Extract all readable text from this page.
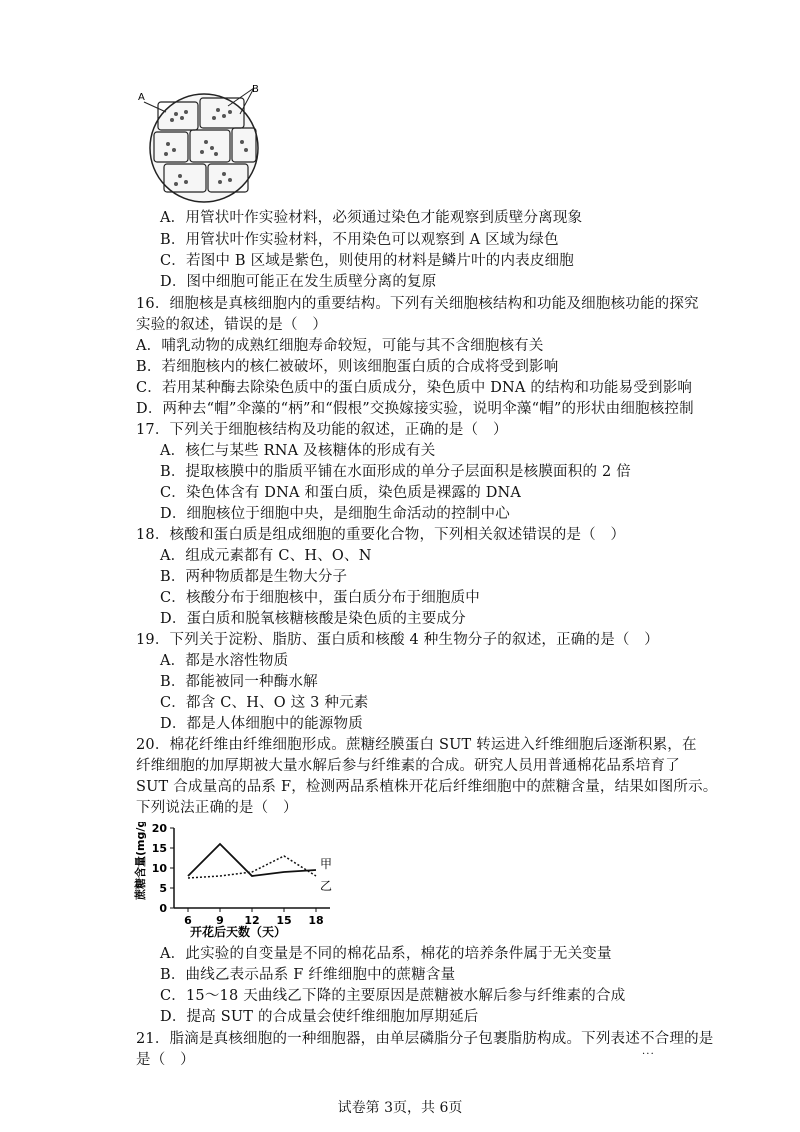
A
B
A．用管状叶作实验材料，必须通过染色才能观察到质壁分离现象
B．用管状叶作实验材料，不用染色可以观察到 A 区域为绿色
C．若图中 B 区域是紫色，则使用的材料是鳞片叶的内表皮细胞
D．图中细胞可能正在发生质壁分离的复原
16．细胞核是真核细胞内的重要结构。下列有关细胞核结构和功能及细胞核功能的探究
实验的叙述，错误的是（　）
A．哺乳动物的成熟红细胞寿命较短，可能与其不含细胞核有关
B．若细胞核内的核仁被破坏，则该细胞蛋白质的合成将受到影响
C．若用某种酶去除染色质中的蛋白质成分，染色质中 DNA 的结构和功能易受到影响
D．两种去“帽”伞藻的“柄”和“假根”交换嫁接实验，说明伞藻“帽”的形状由细胞核控制
17．下列关于细胞核结构及功能的叙述，正确的是（　）
A．核仁与某些 RNA 及核糖体的形成有关
B．提取核膜中的脂质平铺在水面形成的单分子层面积是核膜面积的 2 倍
C．染色体含有 DNA 和蛋白质，染色质是裸露的 DNA
D．细胞核位于细胞中央，是细胞生命活动的控制中心
18．核酸和蛋白质是组成细胞的重要化合物，下列相关叙述错误的是（　）
A．组成元素都有 C、H、O、N
B．两种物质都是生物大分子
C．核酸分布于细胞核中，蛋白质分布于细胞质中
D．蛋白质和脱氧核糖核酸是染色质的主要成分
19．下列关于淀粉、脂肪、蛋白质和核酸 4 种生物分子的叙述，正确的是（　）
A．都是水溶性物质
B．都能被同一种酶水解
C．都含 C、H、O 这 3 种元素
D．都是人体细胞中的能源物质
20．棉花纤维由纤维细胞形成。蔗糖经膜蛋白 SUT 转运进入纤维细胞后逐渐积累，在
纤维细胞的加厚期被大量水解后参与纤维素的合成。研究人员用普通棉花品系培育了
SUT 合成量高的品系 F，检测两品系植株开花后纤维细胞中的蔗糖含量，结果如图所示。
下列说法正确的是（　）
蔗糖含量(mg/g)
开花后天数（天）
0
5
10
15
20
6 9 12 15 18
甲
乙
A．此实验的自变量是不同的棉花品系，棉花的培养条件属于无关变量
B．曲线乙表示品系 F 纤维细胞中的蔗糖含量
C．15～18 天曲线乙下降的主要原因是蔗糖被水解后参与纤维素的合成
D．提高 SUT 的合成量会使纤维细胞加厚期延后
21．脂滴是真核细胞的一种细胞器，由单层磷脂分子包裹脂肪构成。下列表述不合理 · · ·的是
是（　）
试卷第 3页，共 6页
